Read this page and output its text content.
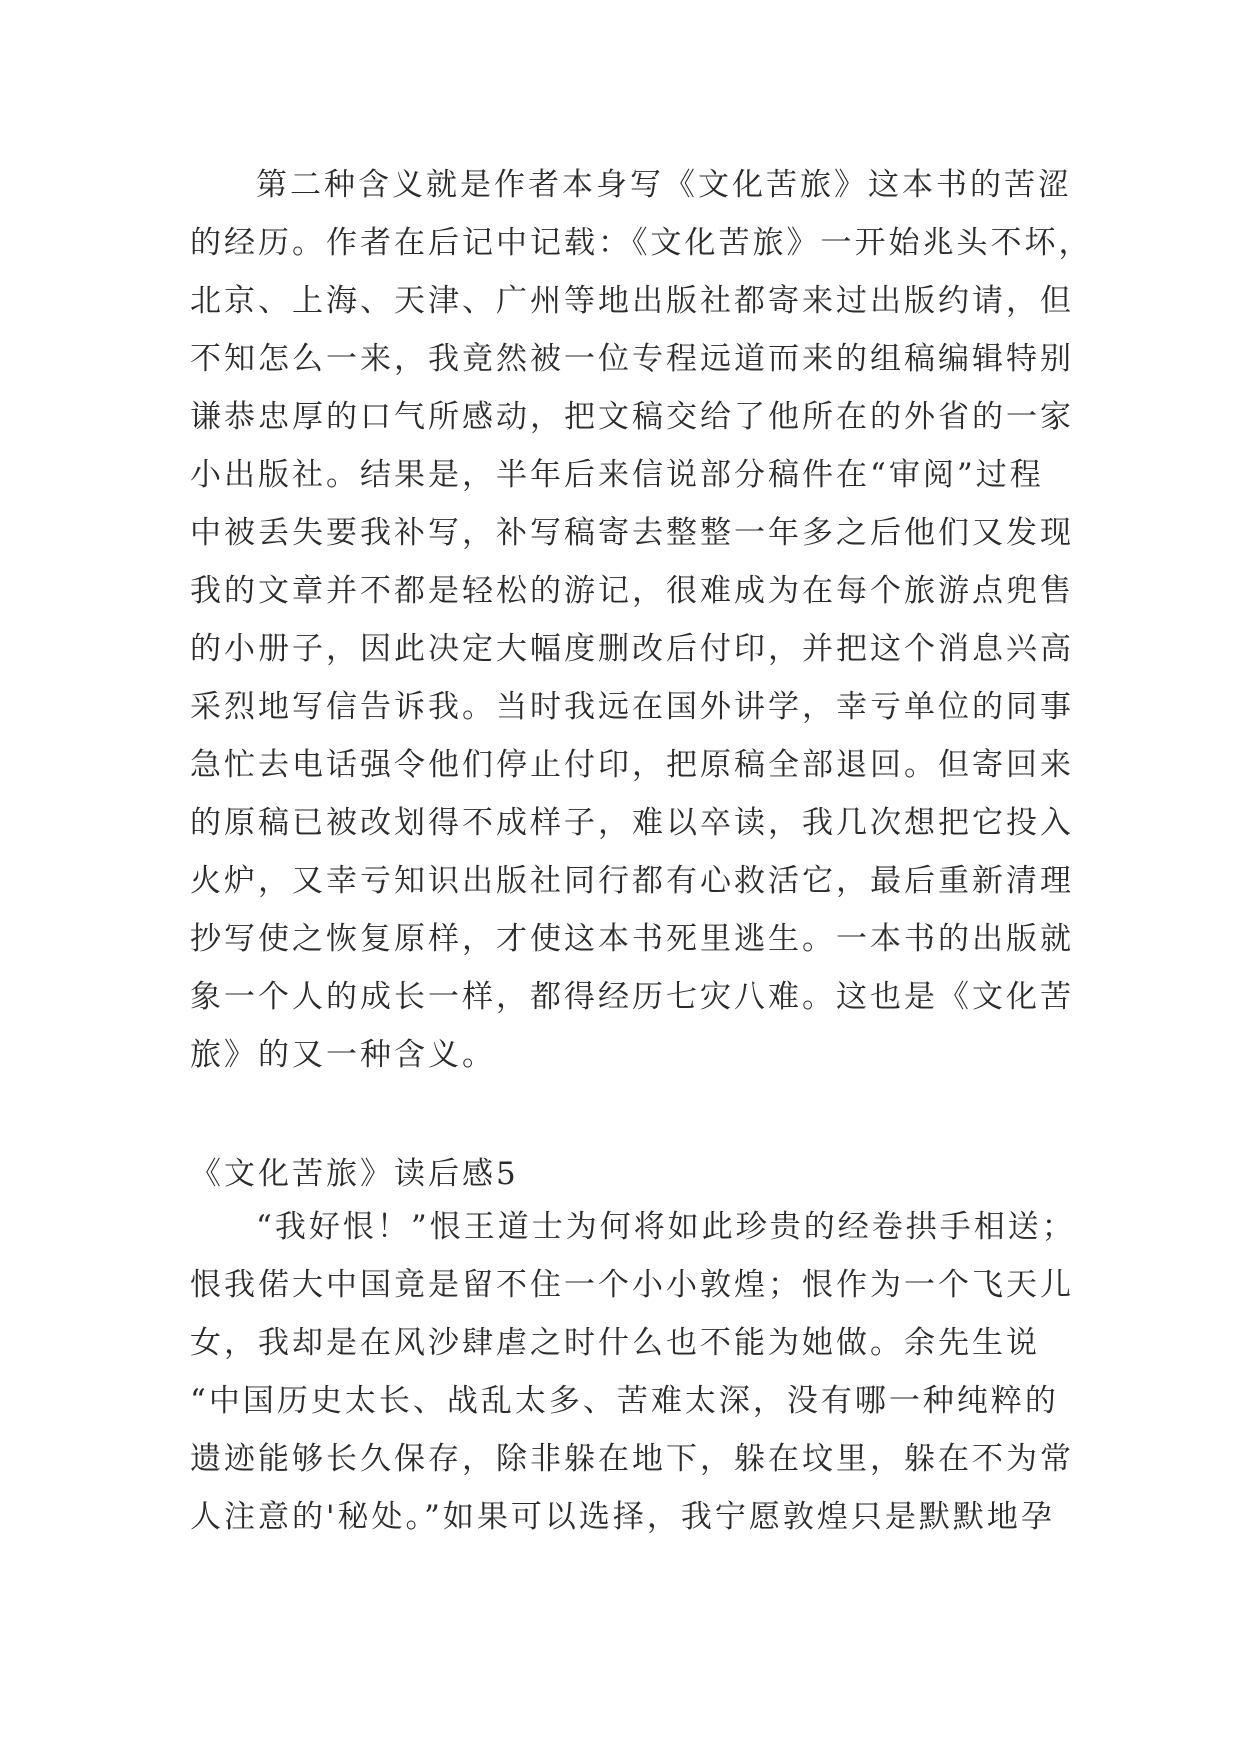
第二种含义就是作者本身写《文化苦旅》这本书的苦涩
的经历。作者在后记中记载：《文化苦旅》一开始兆头不坏，
北京、上海、天津、广州等地出版社都寄来过出版约请，但
不知怎么一来，我竟然被一位专程远道而来的组稿编辑特别
谦恭忠厚的口气所感动，把文稿交给了他所在的外省的一家
小出版社。结果是，半年后来信说部分稿件在“审阅”过程
中被丢失要我补写，补写稿寄去整整一年多之后他们又发现
我的文章并不都是轻松的游记，很难成为在每个旅游点兜售
的小册子，因此决定大幅度删改后付印，并把这个消息兴高
采烈地写信告诉我。当时我远在国外讲学，幸亏单位的同事
急忙去电话强令他们停止付印，把原稿全部退回。但寄回来
的原稿已被改划得不成样子，难以卒读，我几次想把它投入
火炉，又幸亏知识出版社同行都有心救活它，最后重新清理
抄写使之恢复原样，才使这本书死里逃生。一本书的出版就
象一个人的成长一样，都得经历七灾八难。这也是《文化苦
旅》的又一种含义。
《文化苦旅》读后感5
“我好恨！”恨王道士为何将如此珍贵的经卷拱手相送；
恨我偌大中国竟是留不住一个小小敦煌；恨作为一个飞天儿
女，我却是在风沙肆虐之时什么也不能为她做。余先生说
“中国历史太长、战乱太多、苦难太深，没有哪一种纯粹的
遗迹能够长久保存，除非躲在地下，躲在坟里，躲在不为常
人注意的'秘处。”如果可以选择，我宁愿敦煌只是默默地孕
